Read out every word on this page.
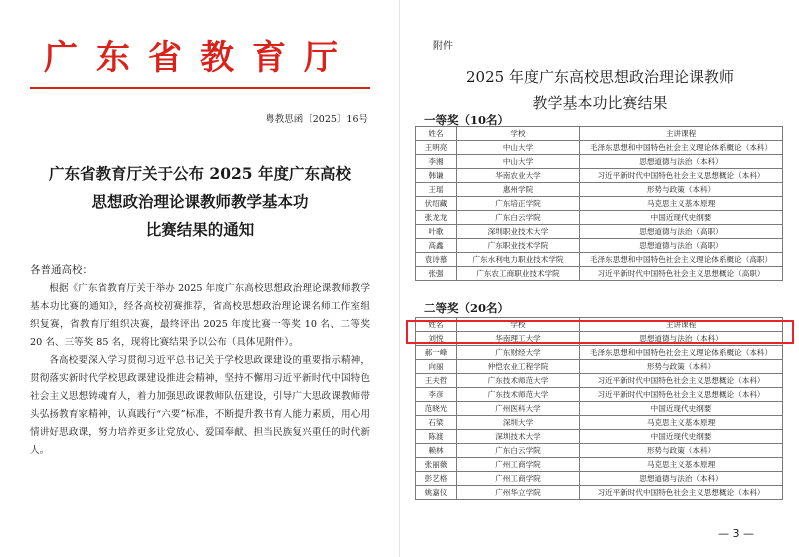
广东省教育厅
粤教思函〔2025〕16号
广东省教育厅关于公布 2025 年度广东高校
思想政治理论课教师教学基本功
比赛结果的通知
各普通高校：

根据《广东省教育厅关于举办 2025 年度广东高校思想政治理论课教师教学基本功比赛的通知》，经各高校初赛推荐，省高校思想政治理论课名师工作室组织复赛，省教育厅组织决赛，最终评出 2025 年度比赛一等奖 10 名、二等奖 20 名、三等奖 85 名，现将比赛结果予以公布（具体见附件）。

各高校要深入学习贯彻习近平总书记关于学校思政课建设的重要指示精神，贯彻落实新时代学校思政课建设推进会精神，坚持不懈用习近平新时代中国特色社会主义思想铸魂育人，着力加强思政课教师队伍建设，引导广大思政课教师带头弘扬教育家精神，认真践行“六要”标准，不断提升教书育人能力素质，用心用情讲好思政课，努力培养更多让党放心、爱国奉献、担当民族复兴重任的时代新人。

附件
2025 年度广东高校思想政治理论课教师
教学基本功比赛结果
一等奖（10名）
姓名	学校	主讲课程
王明亮	中山大学	毛泽东思想和中国特色社会主义理论体系概论（本科）
李湘	中山大学	思想道德与法治（本科）
韩谦	华南农业大学	习近平新时代中国特色社会主义思想概论（本科）
王瑶	惠州学院	形势与政策（本科）
伏绍藏	广东培正学院	马克思主义基本原理
张龙龙	广东白云学院	中国近现代史纲要
叶歌	深圳职业技术大学	思想道德与法治（高职）
高鑫	广东职业技术学院	思想道德与法治（高职）
袁诗慕	广东水利电力职业技术学院	毛泽东思想和中国特色社会主义理论体系概论（高职）
张强	广东农工商职业技术学院	习近平新时代中国特色社会主义思想概论（高职）
二等奖（20名）
姓名	学校	主讲课程
刘悦	华南理工大学	思想道德与法治（本科）
郝一峰	广东财经大学	毛泽东思想和中国特色社会主义理论体系概论（本科）
向丽	仲恺农业工程学院	形势与政策（本科）
王夫哲	广东技术师范大学	习近平新时代中国特色社会主义思想概论（本科）
李彦	广东技术师范大学	习近平新时代中国特色社会主义思想概论（本科）
范晓光	广州医科大学	中国近现代史纲要
石梁	深圳大学	马克思主义基本原理
陈渡	深圳技术大学	中国近现代史纲要
赖林	广东白云学院	形势与政策（本科）
张丽薇	广州工商学院	马克思主义基本原理
彭艺格	广州工商学院	思想道德与法治（本科）
姚嘉仪	广州华立学院	习近平新时代中国特色社会主义思想概论（本科）
— 3 —
